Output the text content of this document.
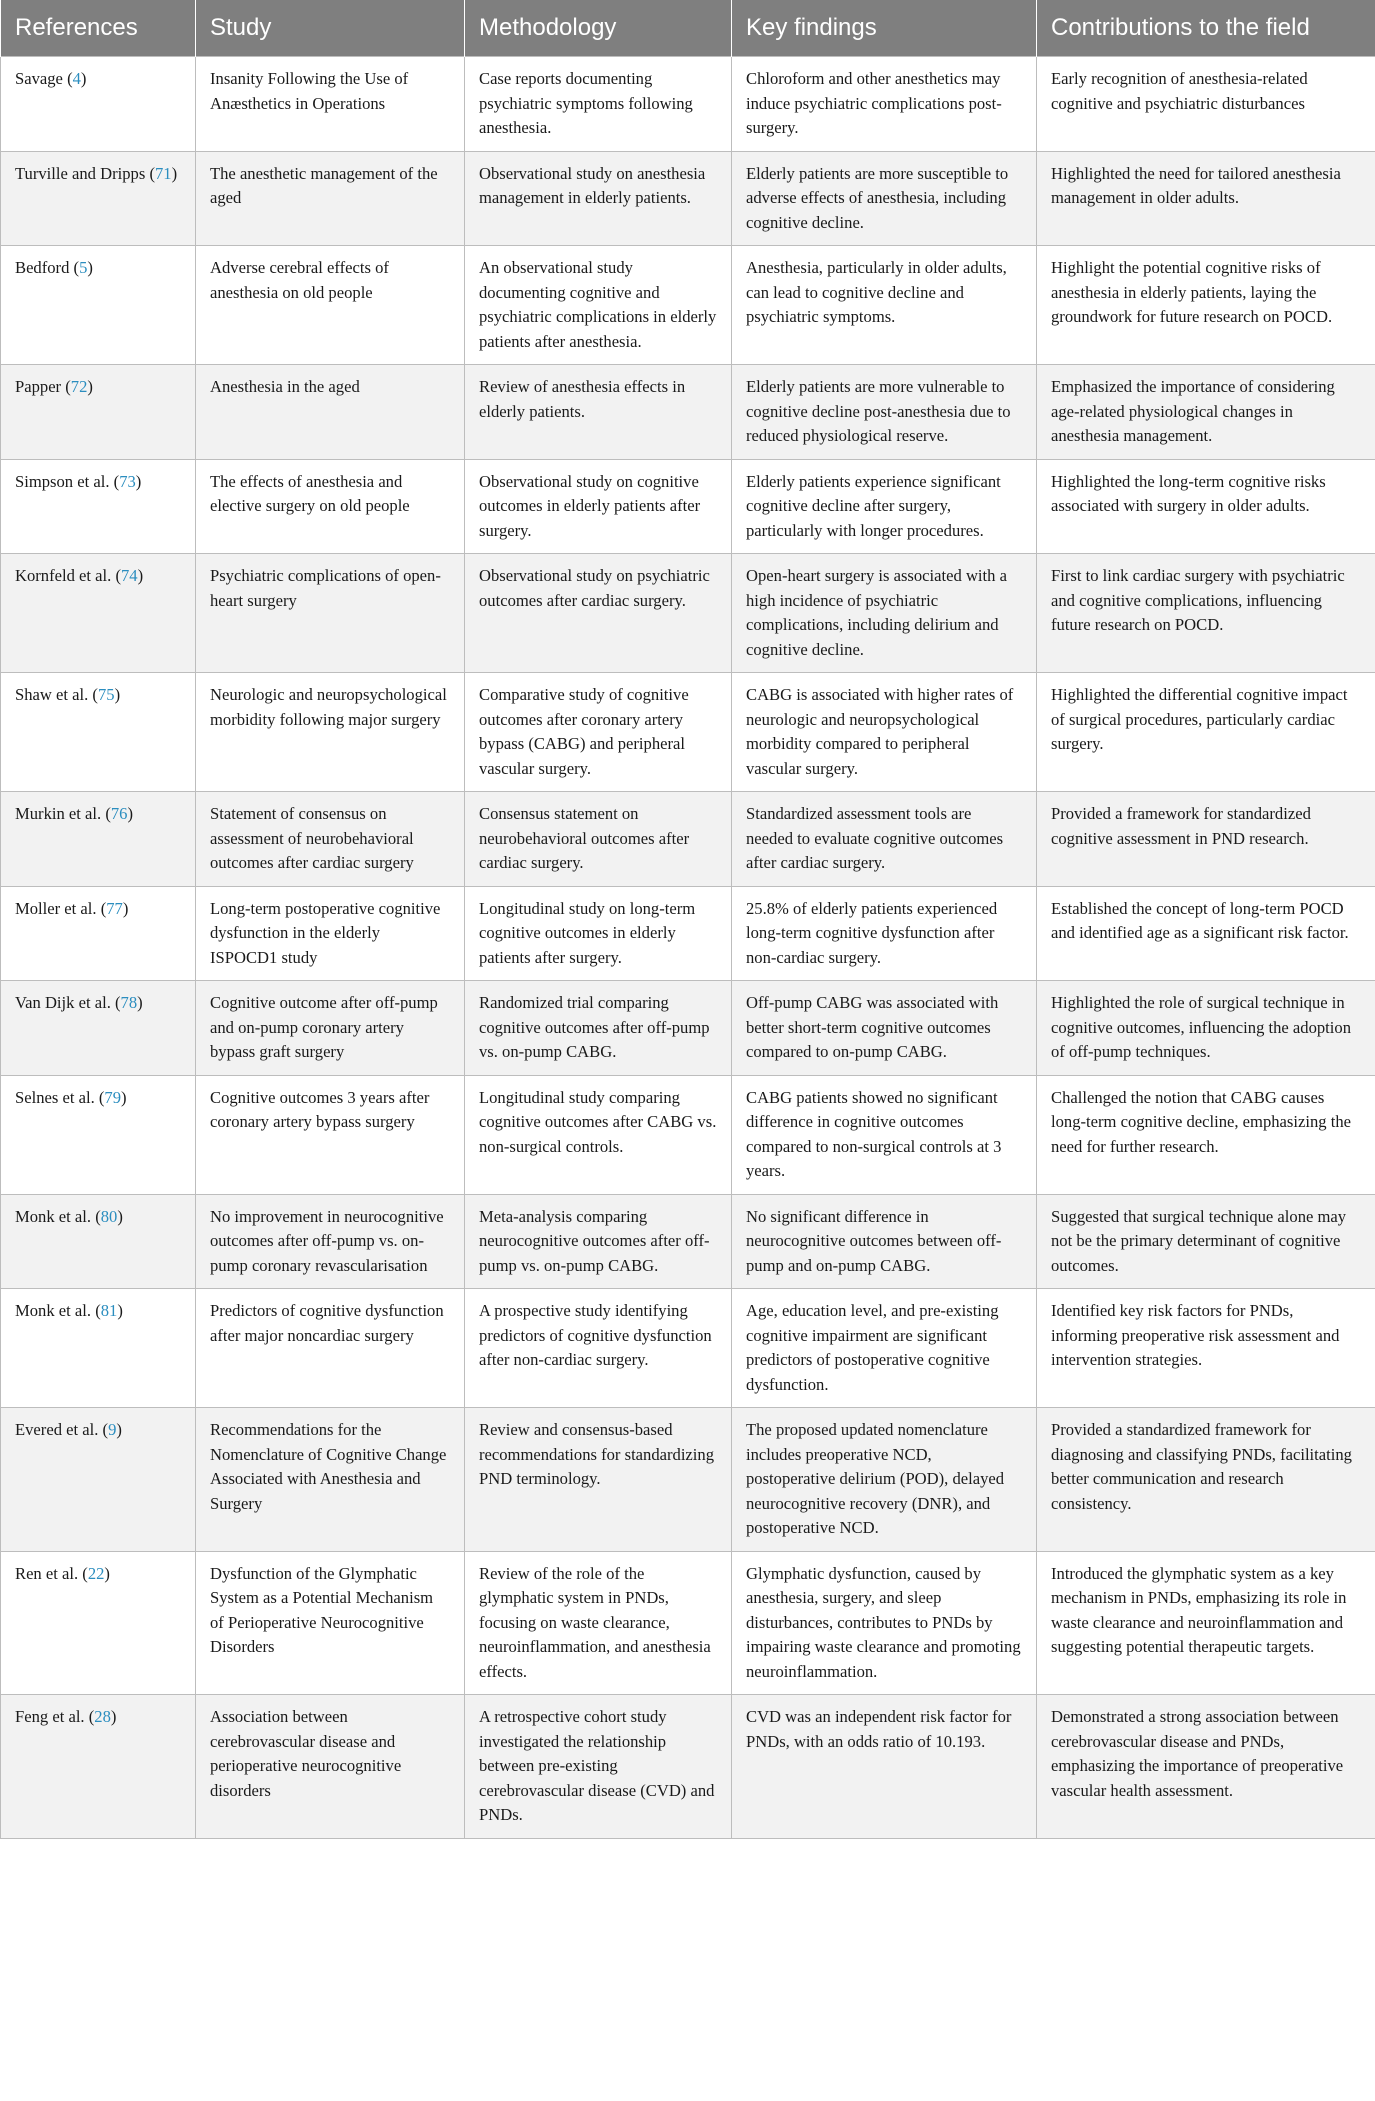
References	Study	Methodology	Key findings	Contributions to the field
Savage (4)	Insanity Following the Use of Anæsthetics in Operations	Case reports documenting psychiatric symptoms following anesthesia.	Chloroform and other anesthetics may induce psychiatric complications post-surgery.	Early recognition of anesthesia-related cognitive and psychiatric disturbances
Turville and Dripps (71)	The anesthetic management of the aged	Observational study on anesthesia management in elderly patients.	Elderly patients are more susceptible to adverse effects of anesthesia, including cognitive decline.	Highlighted the need for tailored anesthesia management in older adults.
Bedford (5)	Adverse cerebral effects of anesthesia on old people	An observational study documenting cognitive and psychiatric complications in elderly patients after anesthesia.	Anesthesia, particularly in older adults, can lead to cognitive decline and psychiatric symptoms.	Highlight the potential cognitive risks of anesthesia in elderly patients, laying the groundwork for future research on POCD.
Papper (72)	Anesthesia in the aged	Review of anesthesia effects in elderly patients.	Elderly patients are more vulnerable to cognitive decline post-anesthesia due to reduced physiological reserve.	Emphasized the importance of considering age-related physiological changes in anesthesia management.
Simpson et al. (73)	The effects of anesthesia and elective surgery on old people	Observational study on cognitive outcomes in elderly patients after surgery.	Elderly patients experience significant cognitive decline after surgery, particularly with longer procedures.	Highlighted the long-term cognitive risks associated with surgery in older adults.
Kornfeld et al. (74)	Psychiatric complications of open-heart surgery	Observational study on psychiatric outcomes after cardiac surgery.	Open-heart surgery is associated with a high incidence of psychiatric complications, including delirium and cognitive decline.	First to link cardiac surgery with psychiatric and cognitive complications, influencing future research on POCD.
Shaw et al. (75)	Neurologic and neuropsychological morbidity following major surgery	Comparative study of cognitive outcomes after coronary artery bypass (CABG) and peripheral vascular surgery.	CABG is associated with higher rates of neurologic and neuropsychological morbidity compared to peripheral vascular surgery.	Highlighted the differential cognitive impact of surgical procedures, particularly cardiac surgery.
Murkin et al. (76)	Statement of consensus on assessment of neurobehavioral outcomes after cardiac surgery	Consensus statement on neurobehavioral outcomes after cardiac surgery.	Standardized assessment tools are needed to evaluate cognitive outcomes after cardiac surgery.	Provided a framework for standardized cognitive assessment in PND research.
Moller et al. (77)	Long-term postoperative cognitive dysfunction in the elderly ISPOCD1 study	Longitudinal study on long-term cognitive outcomes in elderly patients after surgery.	25.8% of elderly patients experienced long-term cognitive dysfunction after non-cardiac surgery.	Established the concept of long-term POCD and identified age as a significant risk factor.
Van Dijk et al. (78)	Cognitive outcome after off-pump and on-pump coronary artery bypass graft surgery	Randomized trial comparing cognitive outcomes after off-pump vs. on-pump CABG.	Off-pump CABG was associated with better short-term cognitive outcomes compared to on-pump CABG.	Highlighted the role of surgical technique in cognitive outcomes, influencing the adoption of off-pump techniques.
Selnes et al. (79)	Cognitive outcomes 3 years after coronary artery bypass surgery	Longitudinal study comparing cognitive outcomes after CABG vs. non-surgical controls.	CABG patients showed no significant difference in cognitive outcomes compared to non-surgical controls at 3 years.	Challenged the notion that CABG causes long-term cognitive decline, emphasizing the need for further research.
Monk et al. (80)	No improvement in neurocognitive outcomes after off-pump vs. on-pump coronary revascularisation	Meta-analysis comparing neurocognitive outcomes after off-pump vs. on-pump CABG.	No significant difference in neurocognitive outcomes between off-pump and on-pump CABG.	Suggested that surgical technique alone may not be the primary determinant of cognitive outcomes.
Monk et al. (81)	Predictors of cognitive dysfunction after major noncardiac surgery	A prospective study identifying predictors of cognitive dysfunction after non-cardiac surgery.	Age, education level, and pre-existing cognitive impairment are significant predictors of postoperative cognitive dysfunction.	Identified key risk factors for PNDs, informing preoperative risk assessment and intervention strategies.
Evered et al. (9)	Recommendations for the Nomenclature of Cognitive Change Associated with Anesthesia and Surgery	Review and consensus-based recommendations for standardizing PND terminology.	The proposed updated nomenclature includes preoperative NCD, postoperative delirium (POD), delayed neurocognitive recovery (DNR), and postoperative NCD.	Provided a standardized framework for diagnosing and classifying PNDs, facilitating better communication and research consistency.
Ren et al. (22)	Dysfunction of the Glymphatic System as a Potential Mechanism of Perioperative Neurocognitive Disorders	Review of the role of the glymphatic system in PNDs, focusing on waste clearance, neuroinflammation, and anesthesia effects.	Glymphatic dysfunction, caused by anesthesia, surgery, and sleep disturbances, contributes to PNDs by impairing waste clearance and promoting neuroinflammation.	Introduced the glymphatic system as a key mechanism in PNDs, emphasizing its role in waste clearance and neuroinflammation and suggesting potential therapeutic targets.
Feng et al. (28)	Association between cerebrovascular disease and perioperative neurocognitive disorders	A retrospective cohort study investigated the relationship between pre-existing cerebrovascular disease (CVD) and PNDs.	CVD was an independent risk factor for PNDs, with an odds ratio of 10.193.	Demonstrated a strong association between cerebrovascular disease and PNDs, emphasizing the importance of preoperative vascular health assessment.
